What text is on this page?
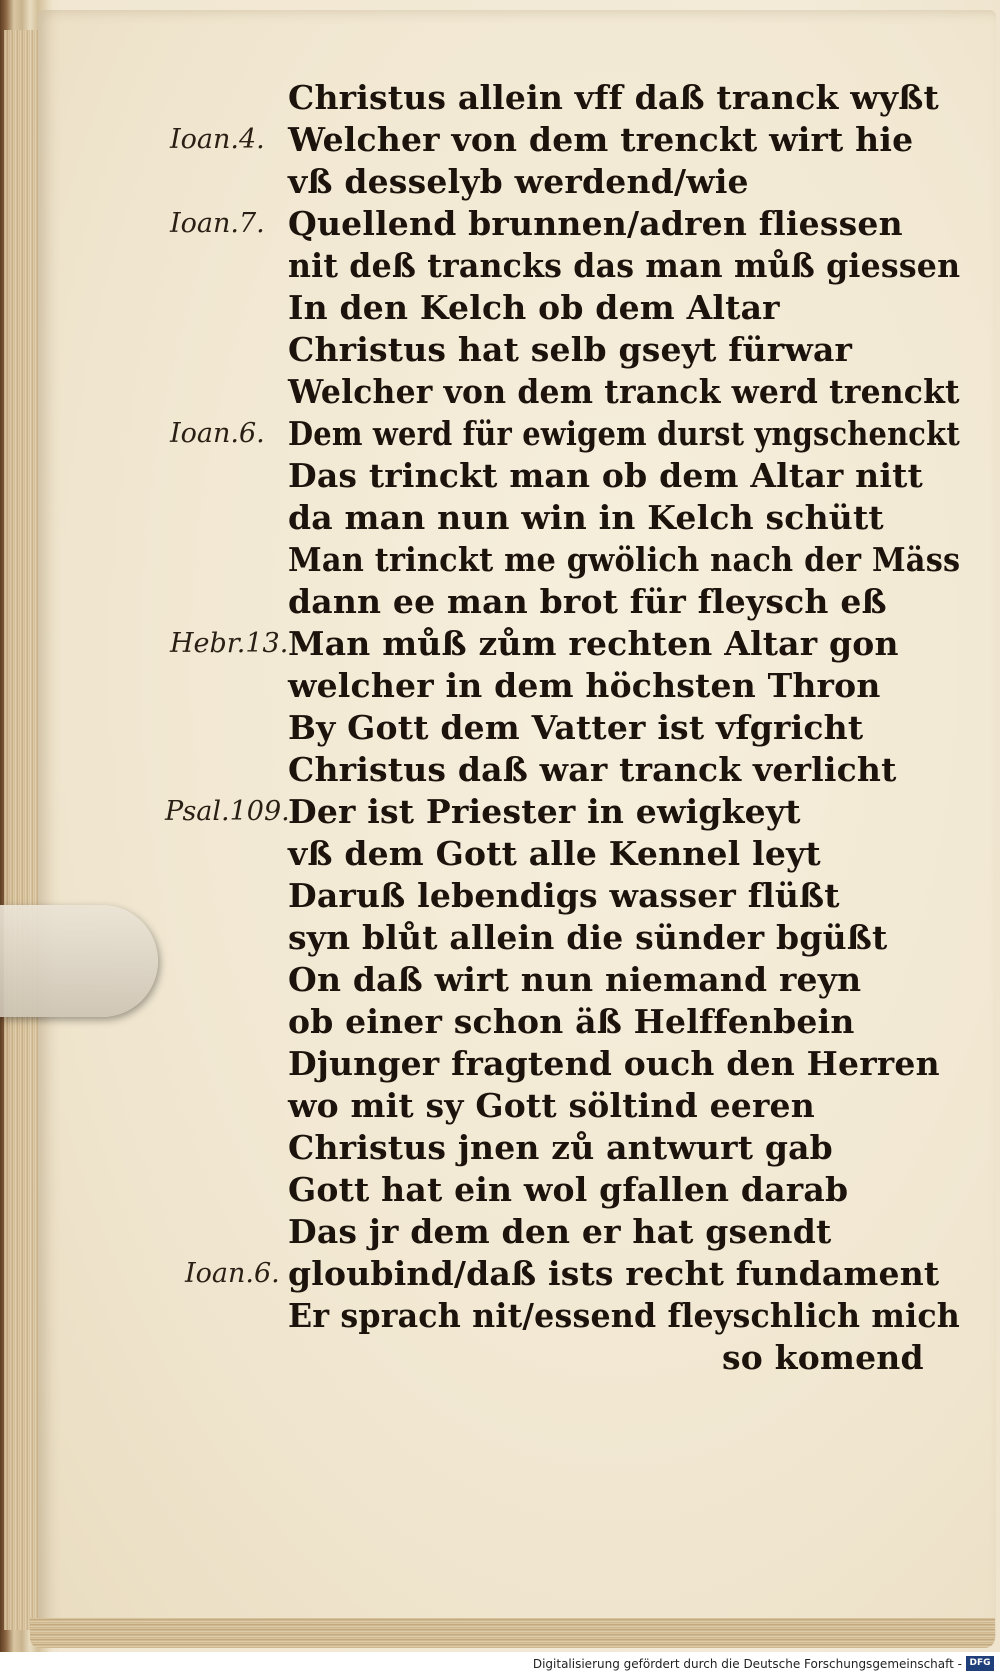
Christus allein vff daß tranck wyßt
Welcher von dem trenckt wirt hie
vß desselyb werdend/wie
Quellend brunnen/adren fliessen
nit deß trancks das man můß giessen
In den Kelch ob dem Altar
Christus hat selb gseyt fürwar
Welcher von dem tranck werd trenckt
Dem werd für ewigem durst yngschenckt
Das trinckt man ob dem Altar nitt
da man nun win in Kelch schütt
Man trinckt me gwölich nach der Mäss
dann ee man brot für fleysch eß
Man můß zům rechten Altar gon
welcher in dem höchsten Thron
By Gott dem Vatter ist vfgricht
Christus daß war tranck verlicht
Der ist Priester in ewigkeyt
vß dem Gott alle Kennel leyt
Daruß lebendigs wasser flüßt
syn blůt allein die sünder bgüßt
On daß wirt nun niemand reyn
ob einer schon äß Helffenbein
Djunger fragtend ouch den Herren
wo mit sy Gott söltind eeren
Christus jnen zů antwurt gab
Gott hat ein wol gfallen darab
Das jr dem den er hat gsendt
gloubind/daß ists recht fundament
Er sprach nit/essend fleyschlich mich
so komend
Ioan.4.
Ioan.7.
Ioan.6.
Hebr.13.
Psal.109.
Ioan.6.
Digitalisierung gefördert durch die Deutsche Forschungsgemeinschaft - DFG
